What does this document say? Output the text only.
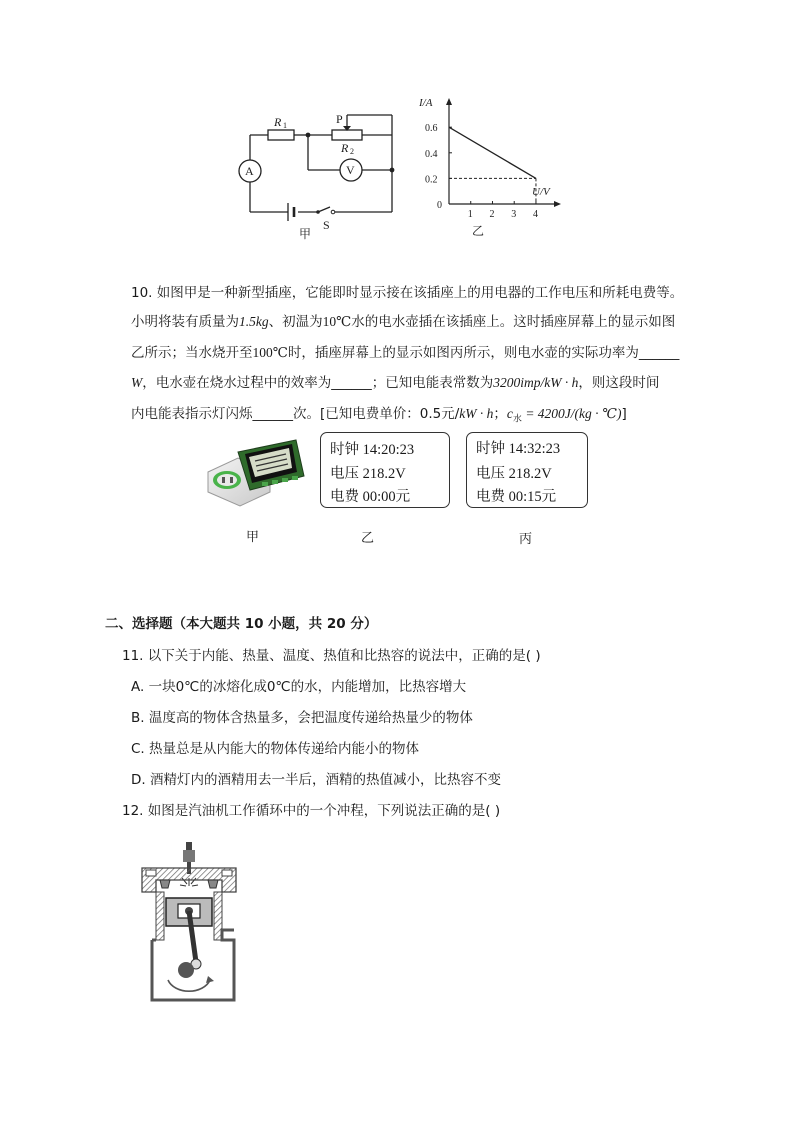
R 1
R 2
P
A	V
S
甲
1 2 3 4
0.6
0.4
0.2
0
I/A
U/V
乙
10. 如图甲是一种新型插座，它能即时显示接在该插座上的用电器的工作电压和所耗电费等。
小明将装有质量为1.5kg、初温为10℃水的电水壶插在该插座上。这时插座屏幕上的显示如图
乙所示；当水烧开至100℃时，插座屏幕上的显示如图丙所示，则电水壶的实际功率为______
W，电水壶在烧水过程中的效率为______；已知电能表常数为3200imp/kW · h，则这段时间
内电能表指示灯闪烁______次。[已知电费单价：0.5元/kW · h；$c_水 = 4200J/(kg$ · ℃)]
甲
时钟 14:20:23
电压 218.2V
电费 00:00元
乙
时钟 14:32:23
电压 218.2V
电费 00:15元
丙
二、选择题（本大题共 10 小题，共 20 分）
11. 以下关于内能、热量、温度、热值和比热容的说法中，正确的是( )
A. 一块0℃的冰熔化成0℃的水，内能增加，比热容增大
B. 温度高的物体含热量多，会把温度传递给热量少的物体
C. 热量总是从内能大的物体传递给内能小的物体
D. 酒精灯内的酒精用去一半后，酒精的热值减小，比热容不变
12. 如图是汽油机工作循环中的一个冲程，下列说法正确的是( )
